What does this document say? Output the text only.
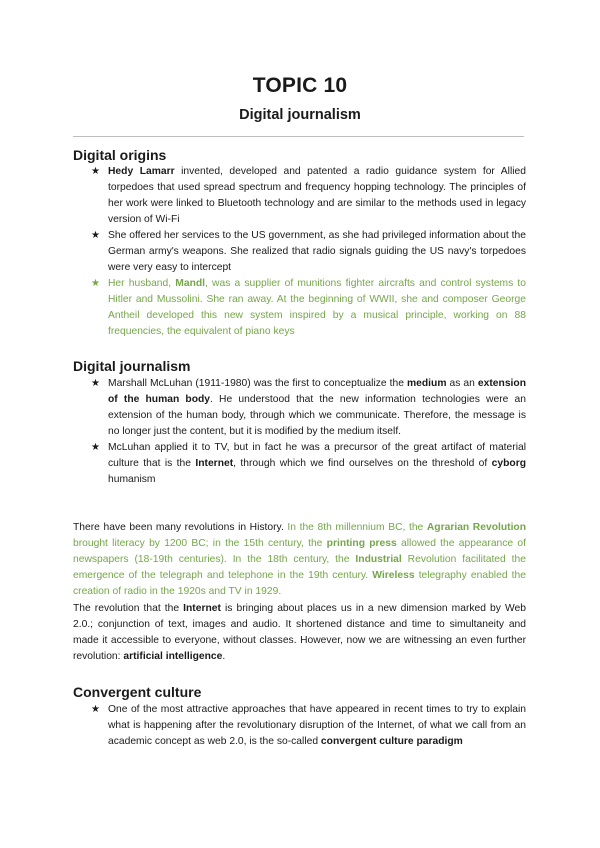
TOPIC 10
Digital journalism
Digital origins
★ Hedy Lamarr invented, developed and patented a radio guidance system for Allied torpedoes that used spread spectrum and frequency hopping technology. The principles of her work were linked to Bluetooth technology and are similar to the methods used in legacy version of Wi-Fi
★ She offered her services to the US government, as she had privileged information about the German army's weapons. She realized that radio signals guiding the US navy's torpedoes were very easy to intercept
★ Her husband, Mandl, was a supplier of munitions fighter aircrafts and control systems to Hitler and Mussolini. She ran away. At the beginning of WWII, she and composer George Antheil developed this new system inspired by a musical principle, working on 88 frequencies, the equivalent of piano keys
Digital journalism
★ Marshall McLuhan (1911-1980) was the first to conceptualize the medium as an extension of the human body. He understood that the new information technologies were an extension of the human body, through which we communicate. Therefore, the message is no longer just the content, but it is modified by the medium itself.
★ McLuhan applied it to TV, but in fact he was a precursor of the great artifact of material culture that is the Internet, through which we find ourselves on the threshold of cyborg humanism

There have been many revolutions in History. In the 8th millennium BC, the Agrarian Revolution brought literacy by 1200 BC; in the 15th century, the printing press allowed the appearance of newspapers (18-19th centuries). In the 18th century, the Industrial Revolution facilitated the emergence of the telegraph and telephone in the 19th century. Wireless telegraphy enabled the creation of radio in the 1920s and TV in 1929.

The revolution that the Internet is bringing about places us in a new dimension marked by Web 2.0.; conjunction of text, images and audio. It shortened distance and time to simultaneity and made it accessible to everyone, without classes. However, now we are witnessing an even further revolution: artificial intelligence.

Convergent culture
★ One of the most attractive approaches that have appeared in recent times to try to explain what is happening after the revolutionary disruption of the Internet, of what we call from an academic concept as web 2.0, is the so-called convergent culture paradigm
